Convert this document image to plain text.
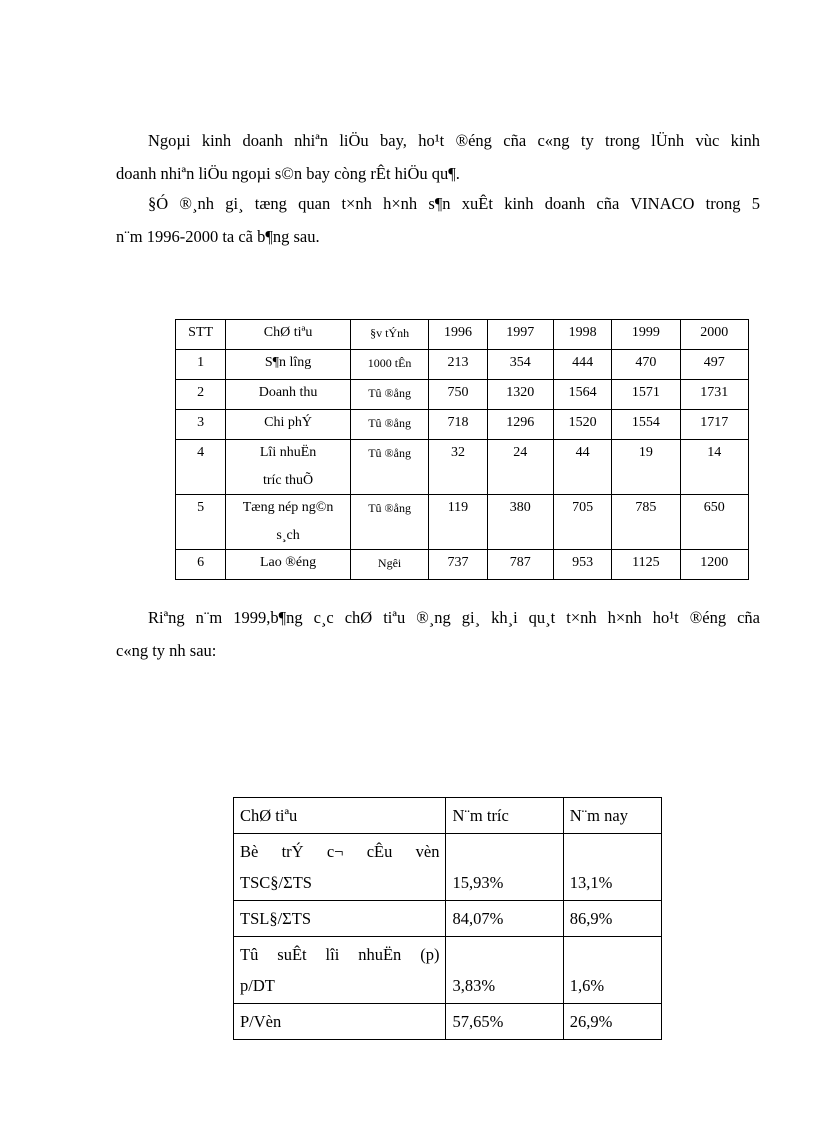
Ngoµi kinh doanh nhiªn liÖu bay, ho¹t ®éng cña c«ng ty trong lÜnh vùc kinh
doanh nhiªn liÖu ngoµi s©n bay còng rÊt hiÖu qu¶.
§Ó ®¸nh gi¸ tæng quan t×nh h×nh s¶n xuÊt kinh doanh cña VINACO trong 5
n¨m 1996-2000 ta cã b¶ng sau.
STT	ChØ tiªu	§v tÝnh	1996	1997	1998	1999	2000
1	S¶n lîng	1000 tÊn	213	354	444	470	497
2	Doanh thu	Tû ®ång	750	1320	1564	1571	1731
3	Chi phÝ	Tû ®ång	718	1296	1520	1554	1717
4	Lîi nhuËn
tríc thuÕ	Tû ®ång	32	24	44	19	14
5	Tæng nép ng©n
s¸ch	Tû ®ång	119	380	705	785	650
6	Lao ®éng	Ngêi	737	787	953	1125	1200
Riªng n¨m 1999,b¶ng c¸c chØ tiªu ®¸ng gi¸ kh¸i qu¸t t×nh h×nh ho¹t ®éng cña
c«ng ty nh sau:
ChØ tiªu	N¨m tríc	N¨m nay

Bè trÝ c¬ cÊu vèn
TSC§/ΣTS	15,93%	13,1%

TSL§/ΣTS	84,07%	86,9%

Tû suÊt lîi nhuËn (p)
p/DT	3,83%	1,6%

P/Vèn	57,65%	26,9%
